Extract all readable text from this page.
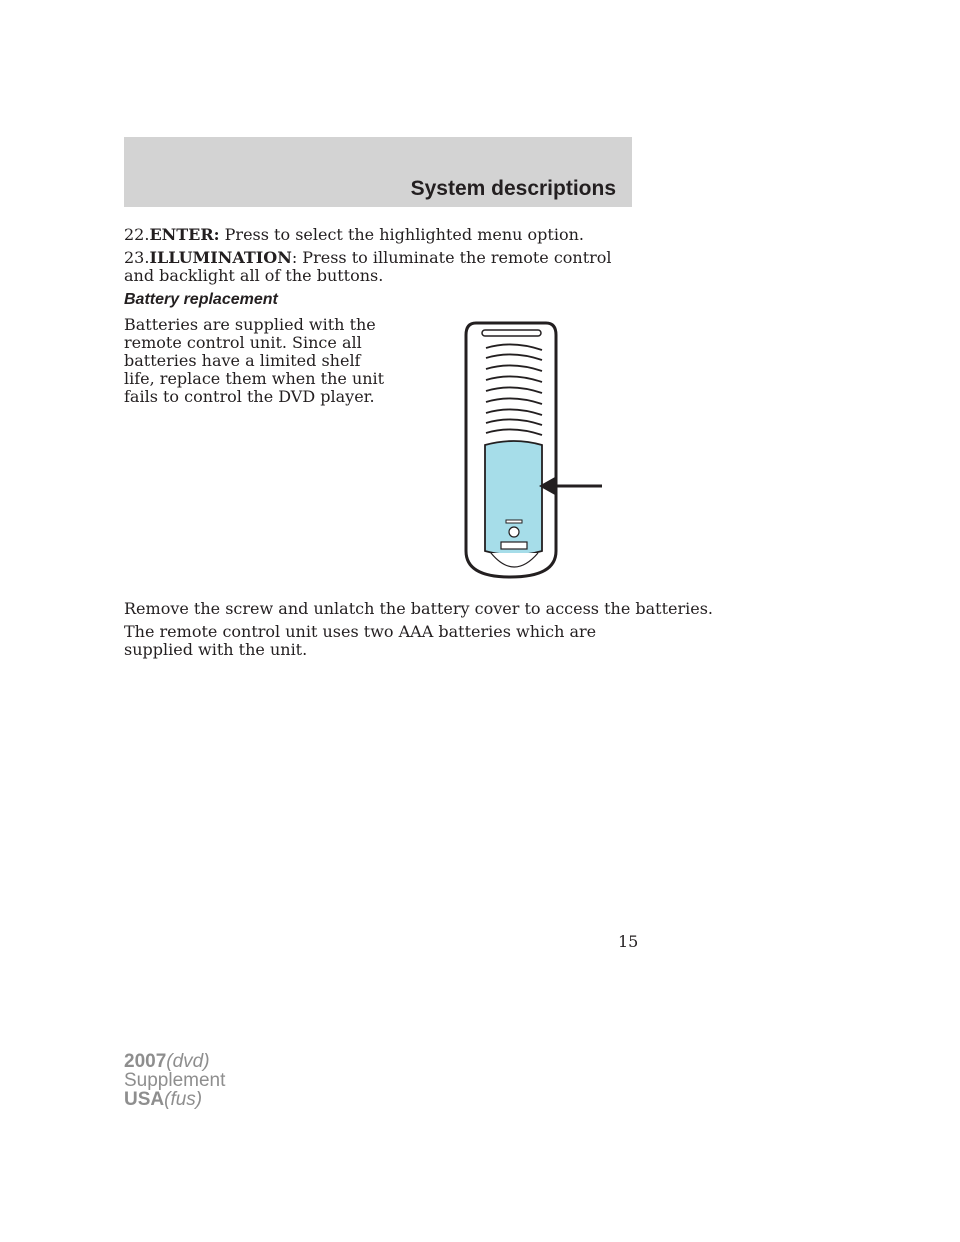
System descriptions

22.ENTER: Press to select the highlighted menu option.

23.ILLUMINATION: Press to illuminate the remote control and backlight all of the buttons.

Battery replacement

Batteries are supplied with the remote control unit. Since all batteries have a limited shelf life, replace them when the unit fails to control the DVD player.

Remove the screw and unlatch the battery cover to access the batteries.

The remote control unit uses two AAA batteries which are supplied with the unit.

15

2007(dvd)
Supplement
USA(fus)
